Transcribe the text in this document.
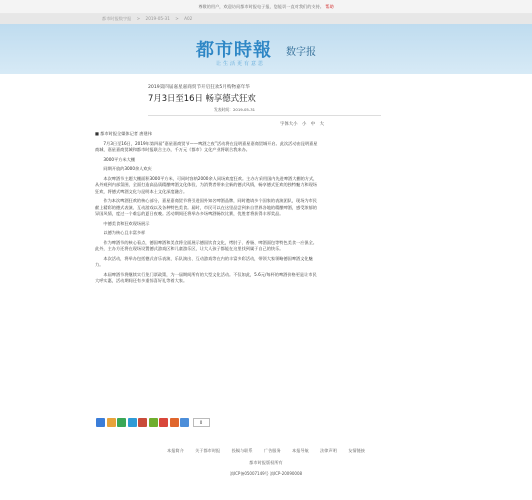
尊敬的用户，欢迎访问都市时报电子报，您能切一直对我们的支持。 帮助
都市时报数字报 > 2019-05-31 > A02
都市時報 数字报
让生活更有意思
2019第四届嘉星嘉商贸节开启狂欢5月购物嘉年华
7月3日至16日 畅享德式狂欢
发表时间：2019-05-31
字体大小 小 中 大

■ 都市时报全媒体记者 唐建伟

7月3日至16日，2019年第四届“嘉星嘉商贸节——啤酒之夜”活动将在昆明嘉星嘉商贸城开启。此次活动由昆明嘉星商城、嘉星嘉商贸城和都市时报联合主办，千万元《都市》文化产业将联合我来办。

3000平方米大棚

同期开放约3000余人欢庆

本次啤酒节主题大棚面积3000平方米，可同时容纳2000余人同场欢度狂欢。主办方采用国内先进啤酒大棚的方式，从外观到内部氛围，全面打造高品质精酿啤酒文化体验，为消费者带来全新的德式风情，畅享德式狂欢的独特魅力和现场狂欢，将德式啤酒文化与昆明本土文化深度融合。

作为本次啤酒狂欢的核心部分，嘉星嘉商贸节将引进国外知名啤酒品牌，同时邀请多个国家的表演团队，现场为市民献上精彩的德式表演、互动游戏以及各种特色美食。届时，市民可以在这里品尝到来自世界各地的精酿啤酒，感受浓郁的异国风情，度过一个难忘的夏日夜晚。活动期间还将举办多场啤酒畅饮比赛，优胜者将获得丰厚奖品。

中德美食和狂欢现场展示

以德为核心且丰富多样

作为啤酒节的核心看点，德国啤酒和美食将全面展示德国饮食文化，烤肘子、香肠、啤酒面包等特色美食一应俱全。此外，主办方还将在现场设置德式游戏区和儿童游乐区，让大人孩子都能在这里找到属于自己的快乐。

本次活动，将举办包括德式音乐表演、乐队演出、互动游戏等在内的丰富多彩活动，带领大家领略德国啤酒文化魅力。

本届啤酒节将继续实行免门票政策，为一届期间所有的大型文化活动。不仅如此，5.6元/每杯的啤酒价格更是让市民大呼实惠，活动期间还有多重惊喜好礼等着大家。

0
本报简介	关于都市时报	投稿与联系	广告服务	本报导航	法律声明	友情链接
都市时报版权所有
滇ICP备05007149号 滇ICP-20090008
